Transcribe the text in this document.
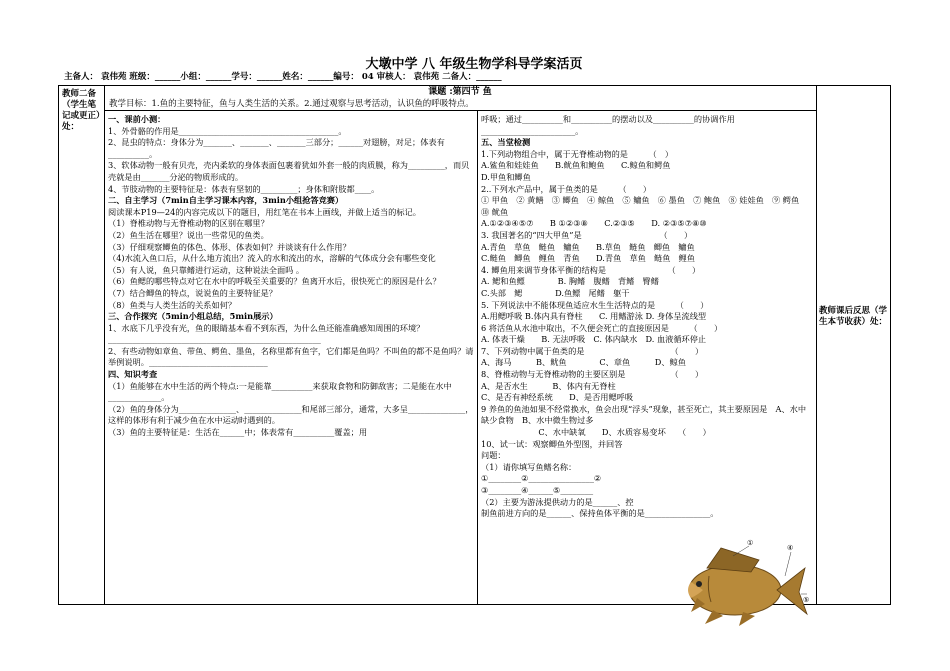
大墩中学 八 年级生物学科导学案活页
主备人： 袁伟苑 班级：______小组：______学号：______姓名：______编号： 04 审核人： 袁伟苑 二备人：______
教师二备（学生笔记或更正）处：
教师课后反思（学生本节收获）处：
课题 :第四节 鱼
教学目标：1.鱼的主要特征，鱼与人类生活的关系。2.通过观察与思考活动，认识鱼的呼吸特点。

一、课前小测：

1、外骨骼的作用是_______________________________________。

2、昆虫的特点：身体分为_______、_______、_______三部分；______对翅膀，对足；体表有__________。

3、软体动物一般有贝壳，壳内柔软的身体表面包裹着犹如外套一般的肉质膜，称为_________，而贝壳就是由_______分泌的物质形成的。

4、节肢动物的主要特征是：体表有坚韧的_________；身体和附肢都____。

二、自主学习（7min自主学习课本内容，3min小组抢答竞赛）

阅读课本P19—24的内容完成以下的题目，用红笔在书本上画线，并做上适当的标记。

（1）脊椎动物与无脊椎动物的区别在哪里？

（2）鱼生活在哪里？说出一些常见的鱼类。

（3）仔细观察鲫鱼的体色、体形、体表如何？并谈谈有什么作用？

（4)水流入鱼口后，从什么地方流出？流入的水和流出的水，溶解的气体成分会有哪些变化

（5）有人说，鱼只靠鳍进行运动，这种说法全面吗 。

（6）鱼鳃的哪些特点对它在水中的呼吸至关重要的？鱼离开水后，很快死亡的原因是什么？

（7）结合鲫鱼的特点，说说鱼的主要特征是？

（8）鱼类与人类生活的关系如何？

三、合作探究（5min小组总结，5min展示）

1、水底下几乎没有光，鱼的眼睛基本看不到东西，为什么鱼还能准确感知周围的环境？____________________________________________________

2、有些动物如章鱼、带鱼、鳄鱼、墨鱼，名称里都有鱼字，它们都是鱼吗？不叫鱼的都不是鱼吗？请举例说明。_____________________________

四、知识考查

（1）鱼能够在水中生活的两个特点:一是能靠__________来获取食物和防御敌害；二是能在水中_____________。

（2）鱼的身体分为______________、______________和尾部三部分，通常，大多呈______________，这样的体形有利于减少鱼在水中运动时遇到的。

（3）鱼的主要特征是：生活在______中；体表常有__________覆盖；用

呼吸；通过__________和__________的摆动以及__________的协调作用_______________________。

五、当堂检测

1.下列动物组合中，属于无脊椎动物的是　　　（　）

A.鲨鱼和娃娃鱼　　B.鱿鱼和鲍鱼　　C.鲸鱼和鳄鱼

D.甲鱼和鲫鱼

2..下列水产品中，属于鱼类的是　　　（　　）

① 甲鱼　② 黄鳝　③ 鲫鱼　④ 鲸鱼　⑤ 鳙鱼　⑥ 墨鱼　⑦ 鲍鱼　⑧ 娃娃鱼　⑨ 鳄鱼　⑩ 鱿鱼

A.①②③④⑤⑦　　B ①②③⑧　　C.②③⑤　　D. ②③⑤⑦⑧⑩

3. 我国著名的“四大甲鱼”是　　　　　　　　　　（　　）

A.青鱼　草鱼　鲢鱼　鳙鱼　　B.草鱼　鲢鱼　鲫鱼　鳙鱼

C.鲢鱼　鲫鱼　鲤鱼　青鱼　　D.青鱼　草鱼　鲢鱼　鲤鱼

4. 鲫鱼用来调节身体平衡的结构是　　　　　　　　（　　）

A. 鳃和鱼鳔　　　　B. 胸鳍　腹鳍　背鳍　臀鳍

C.头部　鳃　　　　D.鱼鳔　尾鳍　躯干

5. 下列说法中不能体现鱼适应水生生活特点的是　　　（　　）

A.用鳃呼吸 B.体内具有脊柱　　C. 用鳍游泳 D. 身体呈流线型

6 将活鱼从水池中取出，不久便会死亡的直接原因是　　　（　　）

A. 体表干燥　　B. 无法呼吸　C. 体内缺水　D. 血液循环停止

7、下列动物中属于鱼类的是　　　　　　　　　　　（　　）

A、海马　　　B、鱿鱼　　　　C、章鱼　　　D、鲸鱼

8、脊椎动物与无脊椎动物的主要区别是　　　　　　（　　）

A、是否水生　　　B、体内有无脊柱

C、是否有神经系统　　D、是否用鳃呼吸

9 养鱼的鱼池如果不经常换水，鱼会出现“浮头”现象，甚至死亡，其主要原因是　A、水中缺少食物　B、水中微生物过多

　　　　　　　C、水中缺氧　　D、水质容易变坏　　（　　）

10、试一试：观察鲫鱼外型图，并回答

问题：

（1）请你填写鱼鳍名称：

①________②________________②

③________④______⑤________

（2）主要为游泳提供动力的是______、控

制鱼前进方向的是______、保持鱼体平衡的是________________。

①
④
⑤
